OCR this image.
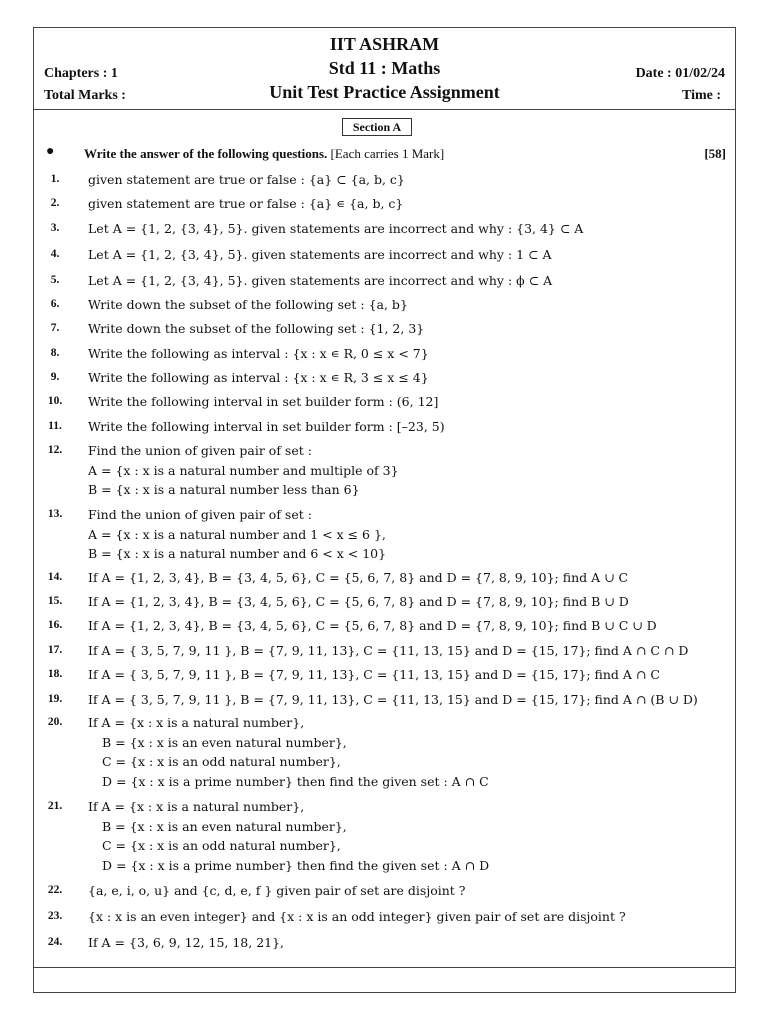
IIT ASHRAM
Std 11 : Maths
Unit Test Practice Assignment
Chapters : 1
Total Marks :
Date : 01/02/24
Time :
Section A
● Write the answer of the following questions. [Each carries 1 Mark]	[58]
1.	given statement are true or false : {a} ⊂ {a, b, c}
2.	given statement are true or false : {a} ∊ {a, b, c}
3.	Let A = {1, 2, {3, 4}, 5}. given statements are incorrect and why : {3, 4} ⊂ A
4.	Let A = {1, 2, {3, 4}, 5}. given statements are incorrect and why : 1 ⊂ A
5.	Let A = {1, 2, {3, 4}, 5}. given statements are incorrect and why : ϕ ⊂ A
6.	Write down the subset of the following set : {a, b}
7.	Write down the subset of the following set : {1, 2, 3}
8.	Write the following as interval : {x : x ∊ R, 0 ≤ x < 7}
9.	Write the following as interval : {x : x ∊ R, 3 ≤ x ≤ 4}
10.	Write the following interval in set builder form : (6, 12]
11.	Write the following interval in set builder form : [–23, 5)
12.	Find the union of given pair of set :
A = {x : x is a natural number and multiple of 3}
B = {x : x is a natural number less than 6}
13.	Find the union of given pair of set :
A = {x : x is a natural number and 1 < x ≤ 6 },
B = {x : x is a natural number and 6 < x < 10}
14.	If A = {1, 2, 3, 4}, B = {3, 4, 5, 6}, C = {5, 6, 7, 8} and D = {7, 8, 9, 10}; find A ∪ C
15.	If A = {1, 2, 3, 4}, B = {3, 4, 5, 6}, C = {5, 6, 7, 8} and D = {7, 8, 9, 10}; find B ∪ D
16.	If A = {1, 2, 3, 4}, B = {3, 4, 5, 6}, C = {5, 6, 7, 8} and D = {7, 8, 9, 10}; find B ∪ C ∪ D
17.	If A = { 3, 5, 7, 9, 11 }, B = {7, 9, 11, 13}, C = {11, 13, 15} and D = {15, 17}; find A ∩ C ∩ D
18.	If A = { 3, 5, 7, 9, 11 }, B = {7, 9, 11, 13}, C = {11, 13, 15} and D = {15, 17}; find A ∩ C
19.	If A = { 3, 5, 7, 9, 11 }, B = {7, 9, 11, 13}, C = {11, 13, 15} and D = {15, 17}; find A ∩ (B ∪ D)
20.	If A = {x : x is a natural number},
B = {x : x is an even natural number},
C = {x : x is an odd natural number},
D = {x : x is a prime number} then find the given set : A ∩ C
21.	If A = {x : x is a natural number},
B = {x : x is an even natural number},
C = {x : x is an odd natural number},
D = {x : x is a prime number} then find the given set : A ∩ D
22.	{a, e, i, o, u} and {c, d, e, f } given pair of set are disjoint ?
23.	{x : x is an even integer} and {x : x is an odd integer} given pair of set are disjoint ?
24.	If A = {3, 6, 9, 12, 15, 18, 21},
